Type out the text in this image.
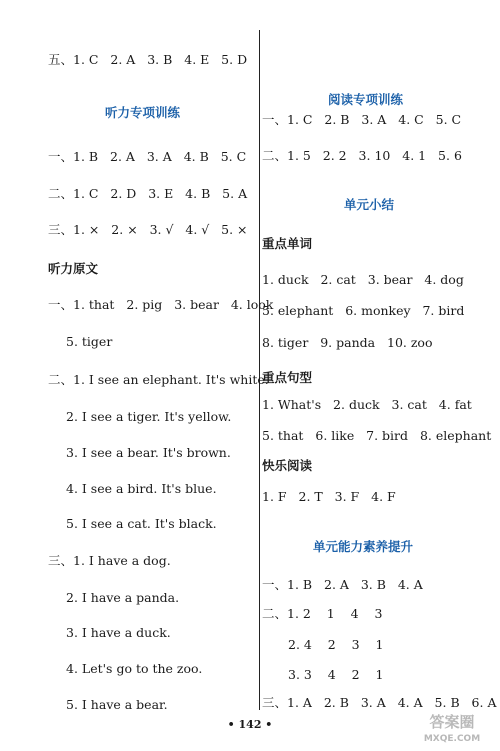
五、1. C   2. A   3. B   4. E   5. D
听力专项训练
一、1. B   2. A   3. A   4. B   5. C
二、1. C   2. D   3. E   4. B   5. A
三、1. ×   2. ×   3. √   4. √   5. ×
听力原文
一、1. that   2. pig   3. bear   4. look
5. tiger
二、1. I see an elephant. It's white.
2. I see a tiger. It's yellow.
3. I see a bear. It's brown.
4. I see a bird. It's blue.
5. I see a cat. It's black.
三、1. I have a dog.
2. I have a panda.
3. I have a duck.
4. Let's go to the zoo.
5. I have a bear.
阅读专项训练
一、1. C   2. B   3. A   4. C   5. C
二、1. 5   2. 2   3. 10   4. 1   5. 6
单元小结
重点单词
1. duck   2. cat   3. bear   4. dog
5. elephant   6. monkey   7. bird
8. tiger   9. panda   10. zoo
重点句型
1. What's   2. duck   3. cat   4. fat
5. that   6. like   7. bird   8. elephant
快乐阅读
1. F   2. T   3. F   4. F
单元能力素养提升
一、1. B   2. A   3. B   4. A
二、1. 2    1    4    3
2. 4    2    3    1
3. 3    4    2    1
三、1. A   2. B   3. A   4. A   5. B   6. A
• 142 •	答案圈
MXQE.COM
